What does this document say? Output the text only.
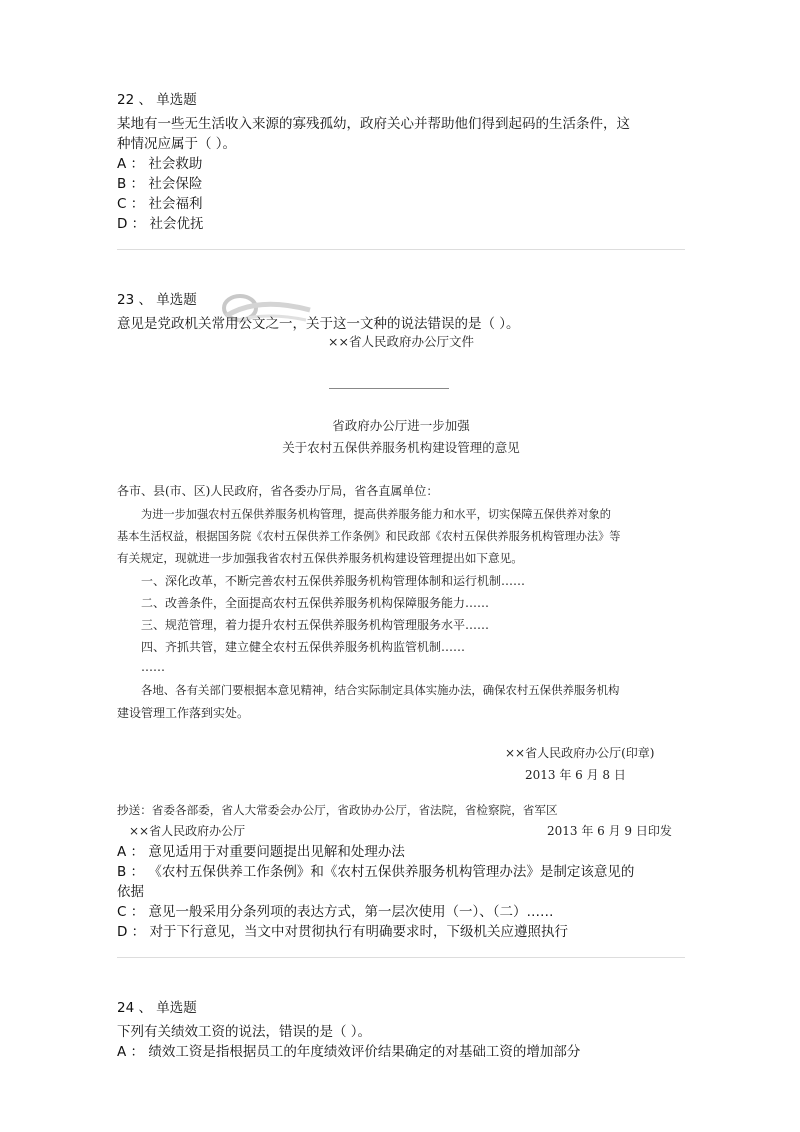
22 、 单选题
某地有一些无生活收入来源的寡残孤幼，政府关心并帮助他们得到起码的生活条件，这
种情况应属于（ ）。
A ： 社会救助
B ： 社会保险
C ： 社会福利
D ： 社会优抚
23 、 单选题
意见是党政机关常用公文之一，关于这一文种的说法错误的是（ ）。
××省人民政府办公厅文件
省政府办公厅进一步加强
关于农村五保供养服务机构建设管理的意见
各市、县(市、区)人民政府，省各委办厅局，省各直属单位：
为进一步加强农村五保供养服务机构管理，提高供养服务能力和水平，切实保障五保供养对象的
基本生活权益，根据国务院《农村五保供养工作条例》和民政部《农村五保供养服务机构管理办法》等
有关规定，现就进一步加强我省农村五保供养服务机构建设管理提出如下意见。
一、深化改革，不断完善农村五保供养服务机构管理体制和运行机制……
二、改善条件，全面提高农村五保供养服务机构保障服务能力……
三、规范管理，着力提升农村五保供养服务机构管理服务水平……
四、齐抓共管，建立健全农村五保供养服务机构监管机制……
……
各地、各有关部门要根据本意见精神，结合实际制定具体实施办法，确保农村五保供养服务机构
建设管理工作落到实处。
××省人民政府办公厅(印章)
2013 年 6 月 8 日
抄送：省委各部委，省人大常委会办公厅，省政协办公厅，省法院，省检察院，省军区
××省人民政府办公厅	2013 年 6 月 9 日印发
A ： 意见适用于对重要问题提出见解和处理办法
B ： 《农村五保供养工作条例》和《农村五保供养服务机构管理办法》是制定该意见的
依据
C ： 意见一般采用分条列项的表达方式，第一层次使用（一）、（二）……
D ： 对于下行意见，当文中对贯彻执行有明确要求时，下级机关应遵照执行
24 、 单选题
下列有关绩效工资的说法，错误的是（ ）。
A ： 绩效工资是指根据员工的年度绩效评价结果确定的对基础工资的增加部分
